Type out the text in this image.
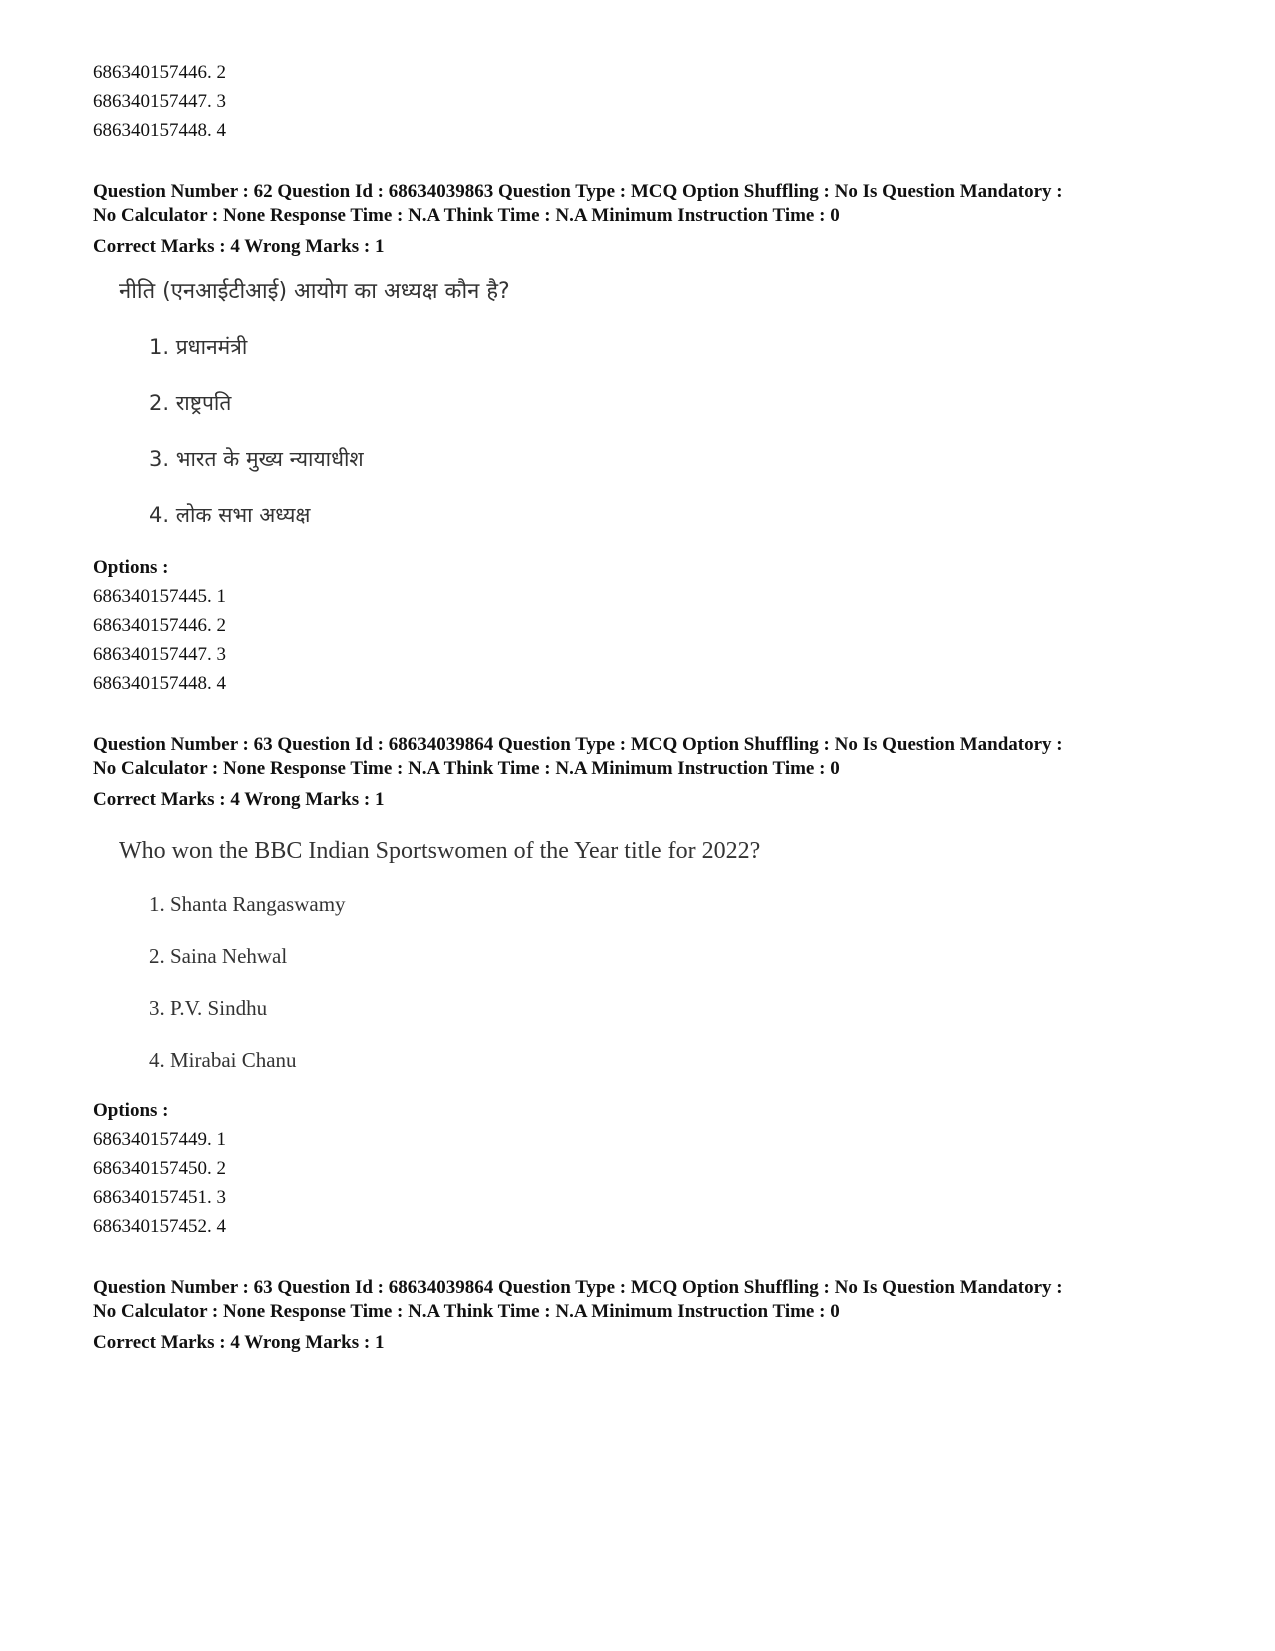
686340157446. 2
686340157447. 3
686340157448. 4
Question Number : 62 Question Id : 68634039863 Question Type : MCQ Option Shuffling : No Is Question Mandatory :
No Calculator : None Response Time : N.A Think Time : N.A Minimum Instruction Time : 0
Correct Marks : 4 Wrong Marks : 1
नीति (एनआईटीआई) आयोग का अध्यक्ष कौन है?
1. प्रधानमंत्री
2. राष्ट्रपति
3. भारत के मुख्य न्यायाधीश
4. लोक सभा अध्यक्ष
Options :
686340157445. 1
686340157446. 2
686340157447. 3
686340157448. 4
Question Number : 63 Question Id : 68634039864 Question Type : MCQ Option Shuffling : No Is Question Mandatory :
No Calculator : None Response Time : N.A Think Time : N.A Minimum Instruction Time : 0
Correct Marks : 4 Wrong Marks : 1
Who won the BBC Indian Sportswomen of the Year title for 2022?
1. Shanta Rangaswamy
2. Saina Nehwal
3. P.V. Sindhu
4. Mirabai Chanu
Options :
686340157449. 1
686340157450. 2
686340157451. 3
686340157452. 4
Question Number : 63 Question Id : 68634039864 Question Type : MCQ Option Shuffling : No Is Question Mandatory :
No Calculator : None Response Time : N.A Think Time : N.A Minimum Instruction Time : 0
Correct Marks : 4 Wrong Marks : 1
